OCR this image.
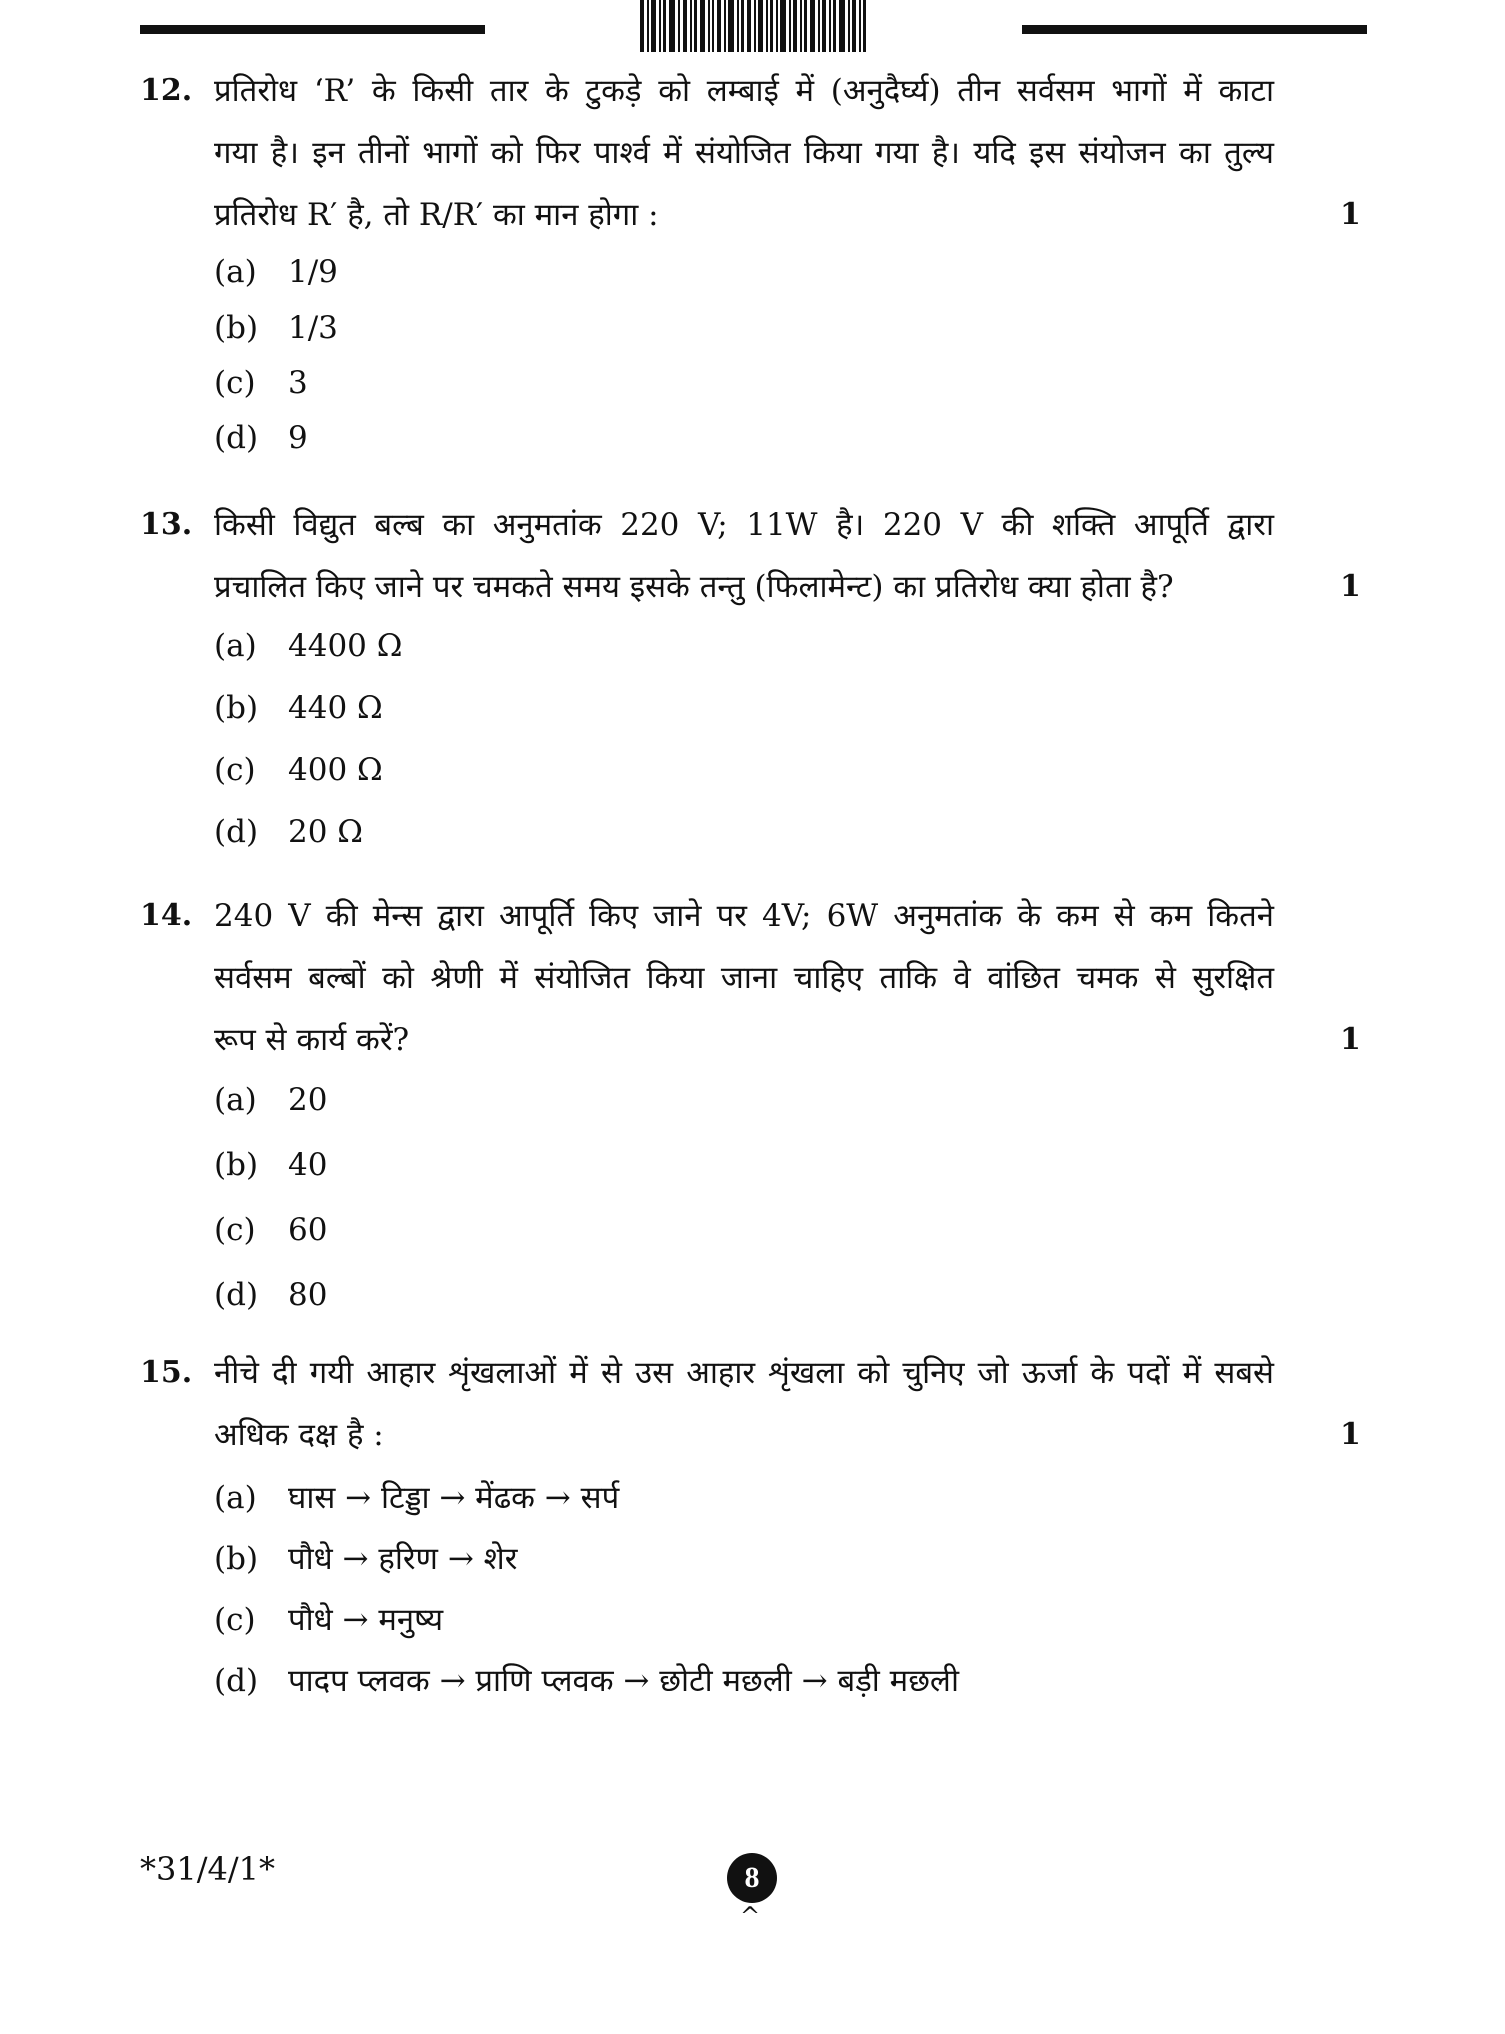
12. प्रतिरोध ‘R’ के किसी तार के टुकड़े को लम्बाई में (अनुदैर्घ्य) तीन सर्वसम भागों में काटा
गया है। इन तीनों भागों को फिर पार्श्व में संयोजित किया गया है। यदि इस संयोजन का तुल्य
प्रतिरोध R′ है, तो R/R′ का मान होगा :	1
(a) 1/9
(b) 1/3
(c) 3
(d) 9
13. किसी विद्युत बल्ब का अनुमतांक 220 V; 11W है। 220 V की शक्ति आपूर्ति द्वारा
प्रचालित किए जाने पर चमकते समय इसके तन्तु (फिलामेन्ट) का प्रतिरोध क्या होता है?	1
(a) 4400 Ω
(b) 440 Ω
(c) 400 Ω
(d) 20 Ω
14. 240 V की मेन्स द्वारा आपूर्ति किए जाने पर 4V; 6W अनुमतांक के कम से कम कितने
सर्वसम बल्बों को श्रेणी में संयोजित किया जाना चाहिए ताकि वे वांछित चमक से सुरक्षित
रूप से कार्य करें?	1
(a) 20
(b) 40
(c) 60
(d) 80
15. नीचे दी गयी आहार शृंखलाओं में से उस आहार शृंखला को चुनिए जो ऊर्जा के पदों में सबसे
अधिक दक्ष है :	1
(a) घास → टिड्डा → मेंढक → सर्प
(b) पौधे → हरिण → शेर
(c) पौधे → मनुष्य
(d) पादप प्लवक → प्राणि प्लवक → छोटी मछली → बड़ी मछली
*31/4/1*	8
^
